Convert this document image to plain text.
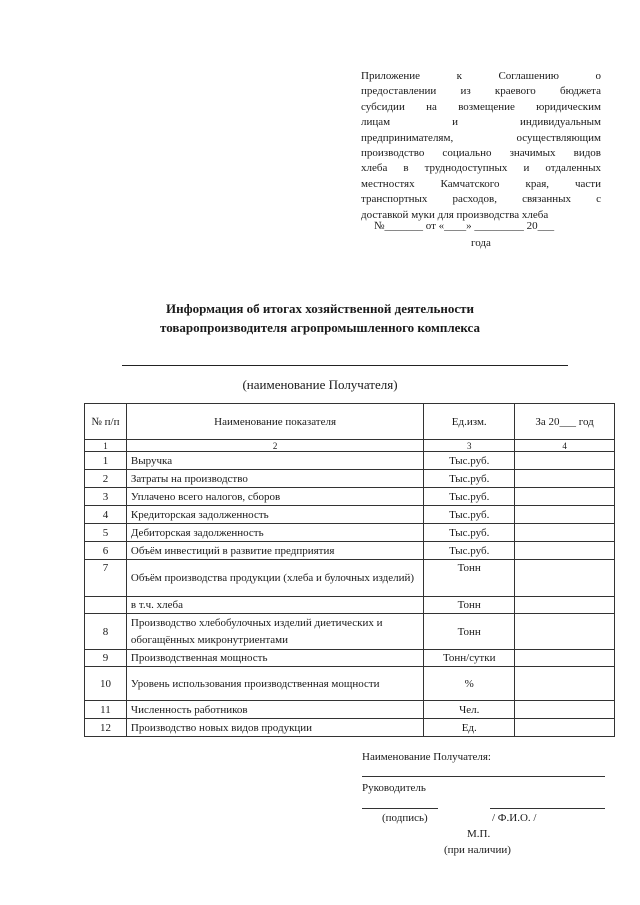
Приложение к Соглашению о
предоставлении из краевого бюджета
субсидии на возмещение юридическим
лицам и индивидуальным
предпринимателям, осуществляющим
производство социально значимых видов
хлеба в труднодоступных и отдаленных
местностях Камчатского края, части
транспортных расходов, связанных с
доставкой муки для производства хлеба
№_______ от «____» _________ 20___
года
Информация об итогах хозяйственной деятельности
товаропроизводителя агропромышленного комплекса
(наименование Получателя)
№ п/п	Наименование показателя	Ед.изм.	За 20___ год
1	2	3	4
1	Выручка	Тыс.руб.	
2	Затраты на производство	Тыс.руб.	
3	Уплачено всего налогов, сборов	Тыс.руб.	
4	Кредиторская задолженность	Тыс.руб.	
5	Дебиторская задолженность	Тыс.руб.	
6	Объём инвестиций в развитие предприятия	Тыс.руб.	
7	Объём производства продукции (хлеба и булочных изделий)	Тонн	
	в т.ч. хлеба	Тонн	
8	Производство хлебобулочных изделий диетических и обогащённых микронутриентами	Тонн	
9	Производственная мощность	Тонн/сутки	
10	Уровень использования производственная мощности	%	
11	Численность работников	Чел.	
12	Производство новых видов продукции	Ед.	
Наименование Получателя:
Руководитель
(подпись)	/ Ф.И.О. /
М.П.
(при наличии)
